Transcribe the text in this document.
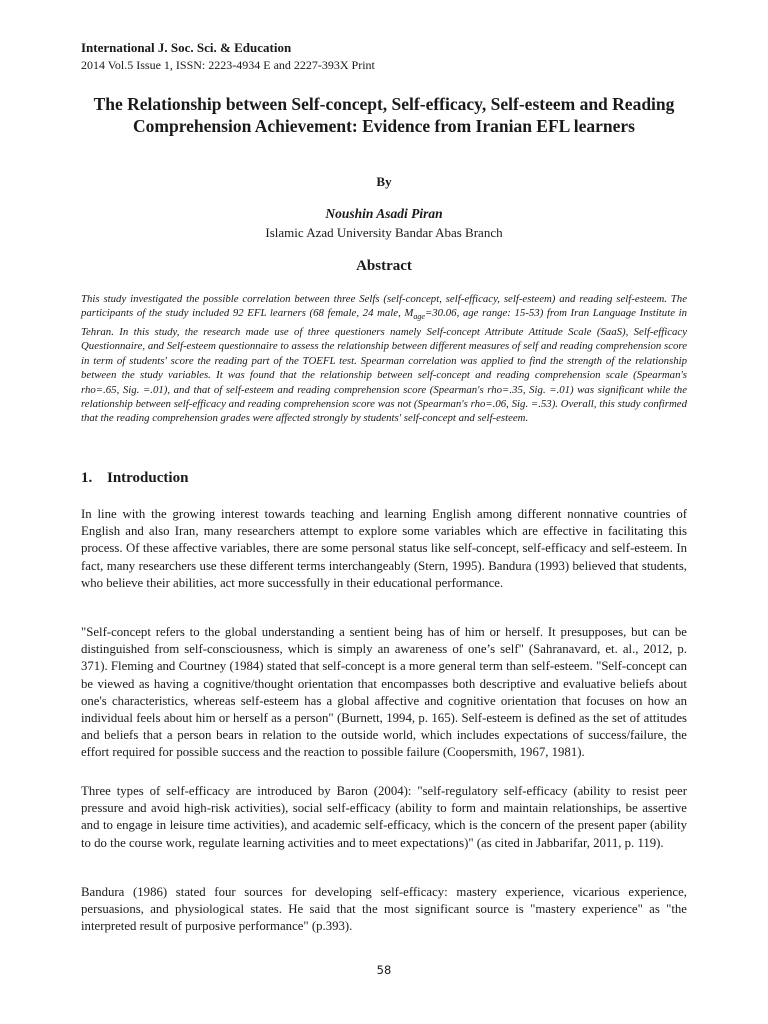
International J. Soc. Sci. & Education
2014 Vol.5 Issue 1, ISSN: 2223-4934 E and 2227-393X Print
The Relationship between Self-concept, Self-efficacy, Self-esteem and Reading Comprehension Achievement: Evidence from Iranian EFL learners
By
Noushin Asadi Piran
Islamic Azad University Bandar Abas Branch
Abstract

This study investigated the possible correlation between three Selfs (self-concept, self-efficacy, self-esteem) and reading self-esteem. The participants of the study included 92 EFL learners (68 female, 24 male, $M_{age}=30.06$, age range: 15-53) from Iran Language Institute in Tehran. In this study, the research made use of three questioners namely Self-concept Attribute Attitude Scale (SaaS), Self-efficacy Questionnaire, and Self-esteem questionnaire to assess the relationship between different measures of self and reading comprehension score in term of students' score the reading part of the TOEFL test. Spearman correlation was applied to find the strength of the relationship between the study variables. It was found that the relationship between self-concept and reading comprehension scale (Spearman's rho=.65, Sig. =.01), and that of self-esteem and reading comprehension score (Spearman's rho=.35, Sig. =.01) was significant while the relationship between self-efficacy and reading comprehension score was not (Spearman's rho=.06, Sig. =.53). Overall, this study confirmed that the reading comprehension grades were affected strongly by students' self-concept and self-esteem.

1. Introduction

In line with the growing interest towards teaching and learning English among different nonnative countries of English and also Iran, many researchers attempt to explore some variables which are effective in facilitating this process. Of these affective variables, there are some personal status like self-concept, self-efficacy and self-esteem. In fact, many researchers use these different terms interchangeably (Stern, 1995). Bandura (1993) believed that students, who believe their abilities, act more successfully in their educational performance.

"Self-concept refers to the global understanding a sentient being has of him or herself. It presupposes, but can be distinguished from self-consciousness, which is simply an awareness of one’s self" (Sahranavard, et. al., 2012, p. 371). Fleming and Courtney (1984) stated that self-concept is a more general term than self-esteem. "Self-concept can be viewed as having a cognitive/thought orientation that encompasses both descriptive and evaluative beliefs about one's characteristics, whereas self-esteem has a global affective and cognitive orientation that focuses on how an individual feels about him or herself as a person" (Burnett, 1994, p. 165). Self-esteem is defined as the set of attitudes and beliefs that a person bears in relation to the outside world, which includes expectations of success/failure, the effort required for possible success and the reaction to possible failure (Coopersmith, 1967, 1981).

Three types of self-efficacy are introduced by Baron (2004): "self-regulatory self-efficacy (ability to resist peer pressure and avoid high-risk activities), social self-efficacy (ability to form and maintain relationships, be assertive and to engage in leisure time activities), and academic self-efficacy, which is the concern of the present paper (ability to do the course work, regulate learning activities and to meet expectations)" (as cited in Jabbarifar, 2011, p. 119).

Bandura (1986) stated four sources for developing self-efficacy: mastery experience, vicarious experience, persuasions, and physiological states. He said that the most significant source is "mastery experience" as "the interpreted result of purposive performance" (p.393).

58
